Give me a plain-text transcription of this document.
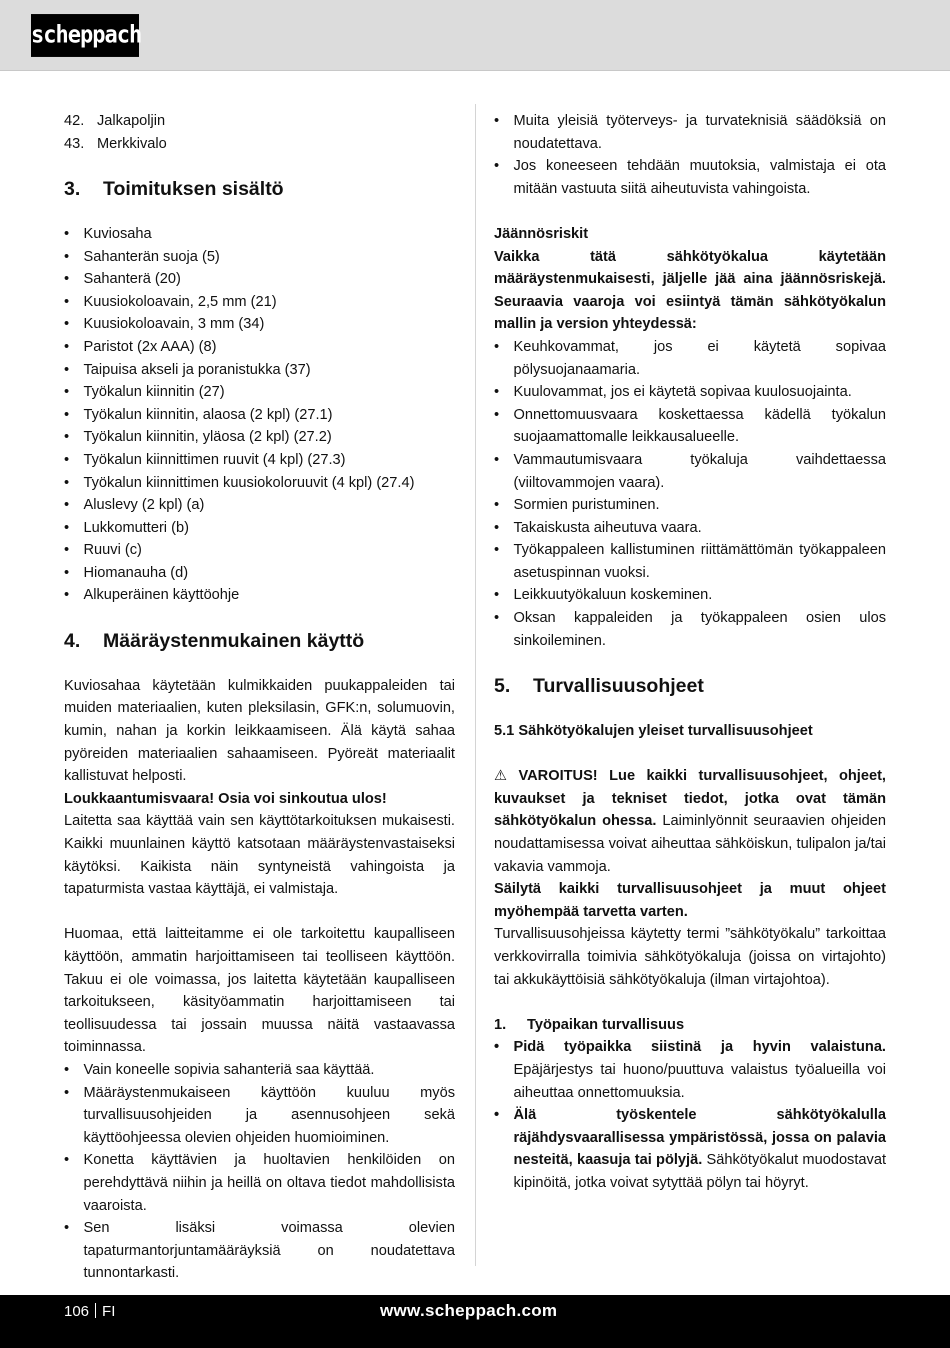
scheppach
42. Jalkapoljin
43. Merkkivalo
3.	Toimituksen sisältö
• Kuviosaha
• Sahanterän suoja (5)
• Sahanterä (20)
• Kuusiokoloavain, 2,5 mm (21)
• Kuusiokoloavain, 3 mm (34)
• Paristot (2x AAA) (8)
• Taipuisa akseli ja poranistukka (37)
• Työkalun kiinnitin (27)
• Työkalun kiinnitin, alaosa (2 kpl) (27.1)
• Työkalun kiinnitin, yläosa (2 kpl) (27.2)
• Työkalun kiinnittimen ruuvit (4 kpl) (27.3)
• Työkalun kiinnittimen kuusiokoloruuvit (4 kpl) (27.4)
• Aluslevy (2 kpl) (a)
• Lukkomutteri (b)
• Ruuvi (c)
• Hiomanauha (d)
• Alkuperäinen käyttöohje
4.	Määräystenmukainen käyttö

Kuviosahaa käytetään kulmikkaiden puukappaleiden tai muiden materiaalien, kuten pleksilasin, GFK:n, solumuovin, kumin, nahan ja korkin leikkaamiseen. Älä käytä sahaa pyöreiden materiaalien sahaamiseen. Pyöreät materiaalit kallistuvat helposti.

Loukkaantumisvaara! Osia voi sinkoutua ulos!

Laitetta saa käyttää vain sen käyttötarkoituksen mukaisesti. Kaikki muunlainen käyttö katsotaan määräystenvastaiseksi käytöksi. Kaikista näin syntyneistä vahingoista ja tapaturmista vastaa käyttäjä, ei valmistaja.

Huomaa, että laitteitamme ei ole tarkoitettu kaupalliseen käyttöön, ammatin harjoittamiseen tai teolliseen käyttöön. Takuu ei ole voimassa, jos laitetta käytetään kaupalliseen tarkoitukseen, käsityöammatin harjoittamiseen tai teollisuudessa tai jossain muussa näitä vastaavassa toiminnassa.

• Vain koneelle sopivia sahanteriä saa käyttää.
• Määräystenmukaiseen käyttöön kuuluu myös turvallisuusohjeiden ja asennusohjeen sekä käyttöohjeessa olevien ohjeiden huomioiminen.
• Konetta käyttävien ja huoltavien henkilöiden on perehdyttävä niihin ja heillä on oltava tiedot mahdollisista vaaroista.
• Sen lisäksi voimassa olevien tapaturmantorjuntamääräyksiä on noudatettava tunnontarkasti.
• Muita yleisiä työterveys- ja turvateknisiä säädöksiä on noudatettava.
• Jos koneeseen tehdään muutoksia, valmistaja ei ota mitään vastuuta siitä aiheutuvista vahingoista.

Jäännösriskit

Vaikka tätä sähkötyökalua käytetään määräystenmukaisesti, jäljelle jää aina jäännösriskejä. Seuraavia vaaroja voi esiintyä tämän sähkötyökalun mallin ja version yhteydessä:

• Keuhkovammat, jos ei käytetä sopivaa pölysuojanaamaria.
• Kuulovammat, jos ei käytetä sopivaa kuulosuojainta.
• Onnettomuusvaara koskettaessa kädellä työkalun suojaamattomalle leikkausalueelle.
• Vammautumisvaara työkaluja vaihdettaessa (viiltovammojen vaara).
• Sormien puristuminen.
• Takaiskusta aiheutuva vaara.
• Työkappaleen kallistuminen riittämättömän työkappaleen asetuspinnan vuoksi.
• Leikkuutyökaluun koskeminen.
• Oksan kappaleiden ja työkappaleen osien ulos sinkoileminen.
5.	Turvallisuusohjeet
5.1 Sähkötyökalujen yleiset turvallisuusohjeet

⚠ VAROITUS! Lue kaikki turvallisuusohjeet, ohjeet, kuvaukset ja tekniset tiedot, jotka ovat tämän sähkötyökalun ohessa. Laiminlyönnit seuraavien ohjeiden noudattamisessa voivat aiheuttaa sähköiskun, tulipalon ja/tai vakavia vammoja.

Säilytä kaikki turvallisuusohjeet ja muut ohjeet myöhempää tarvetta varten.

Turvallisuusohjeissa käytetty termi ”sähkötyökalu” tarkoittaa verkkovirralla toimivia sähkötyökaluja (joissa on virtajohto) tai akkukäyttöisiä sähkötyökaluja (ilman virtajohtoa).

1.	Työpaikan turvallisuus
• Pidä työpaikka siistinä ja hyvin valaistuna. Epäjärjestys tai huono/puuttuva valaistus työalueilla voi aiheuttaa onnettomuuksia.
• Älä työskentele sähkötyökalulla räjähdysvaarallisessa ympäristössä, jossa on palavia nesteitä, kaasuja tai pölyjä. Sähkötyökalut muodostavat kipinöitä, jotka voivat sytyttää pölyn tai höyryt.
106 FI	www.scheppach.com
